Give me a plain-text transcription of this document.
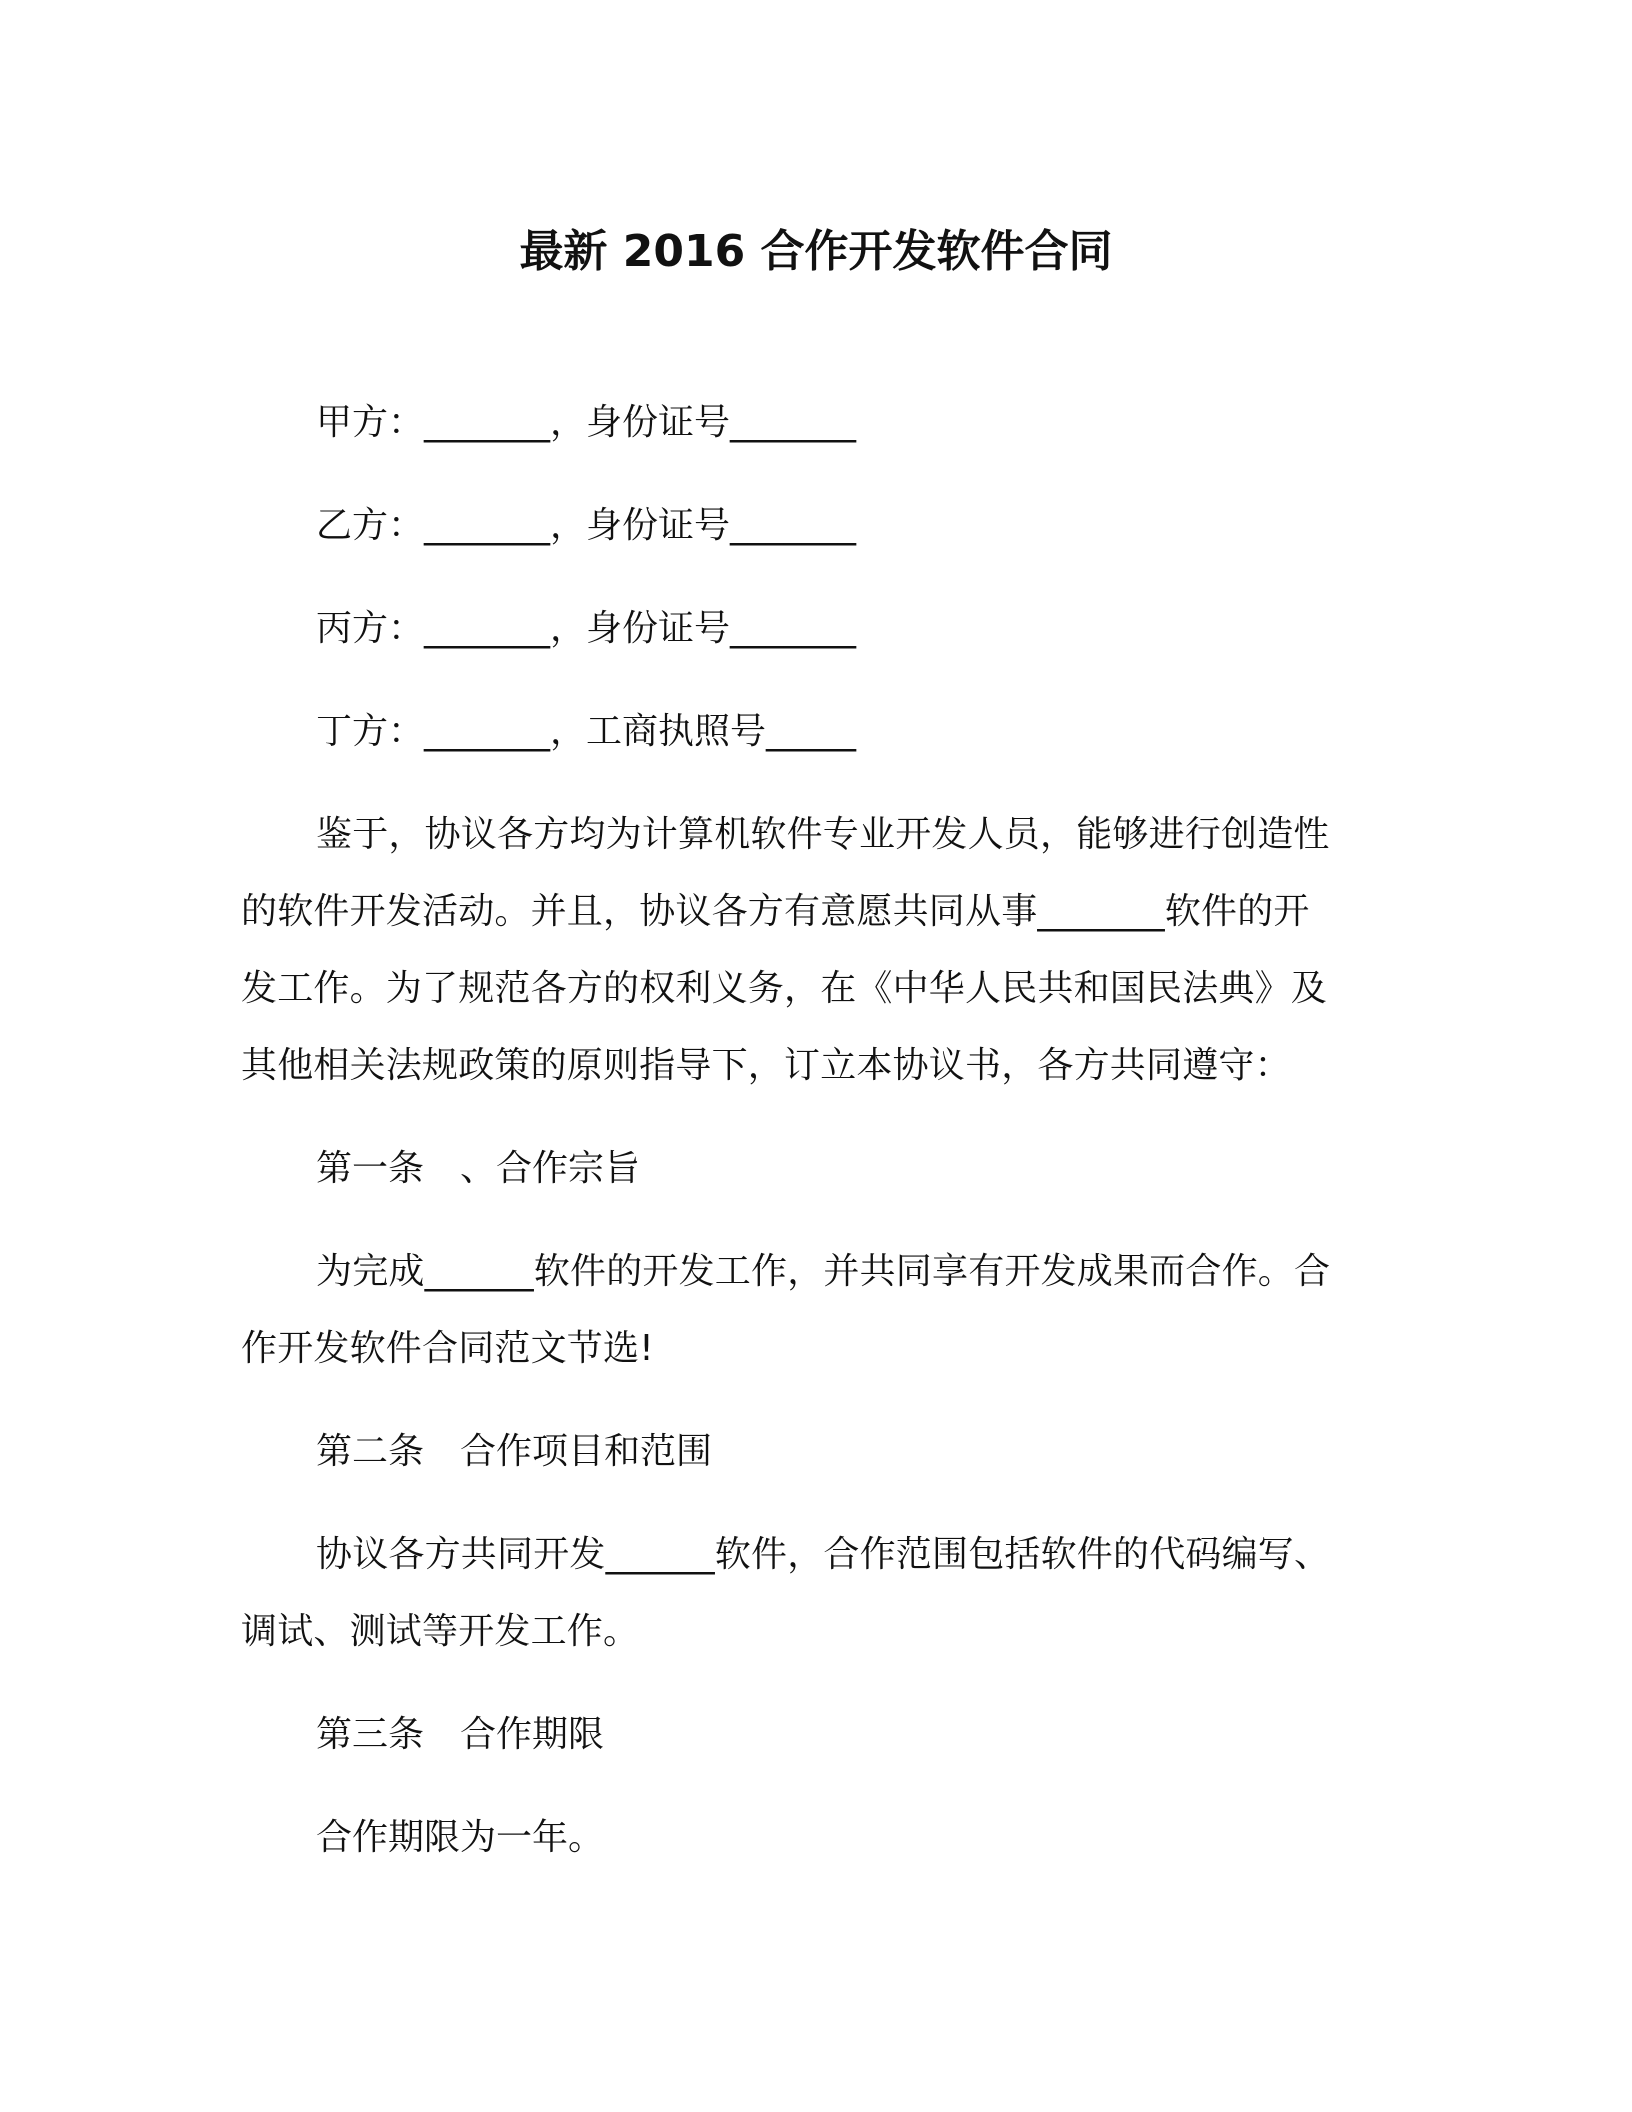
最新 2016 合作开发软件合同
甲方：_______，身份证号_______
乙方：_______，身份证号_______
丙方：_______，身份证号_______
丁方：_______，工商执照号_____
鉴于，协议各方均为计算机软件专业开发人员，能够进行创造性
的软件开发活动。并且，协议各方有意愿共同从事_______软件的开
发工作。为了规范各方的权利义务，在《中华人民共和国民法典》及
其他相关法规政策的原则指导下，订立本协议书，各方共同遵守：
第一条　、合作宗旨
为完成______软件的开发工作，并共同享有开发成果而合作。合
作开发软件合同范文节选!
第二条　合作项目和范围
协议各方共同开发______软件，合作范围包括软件的代码编写、
调试、测试等开发工作。
第三条　合作期限
合作期限为一年。
